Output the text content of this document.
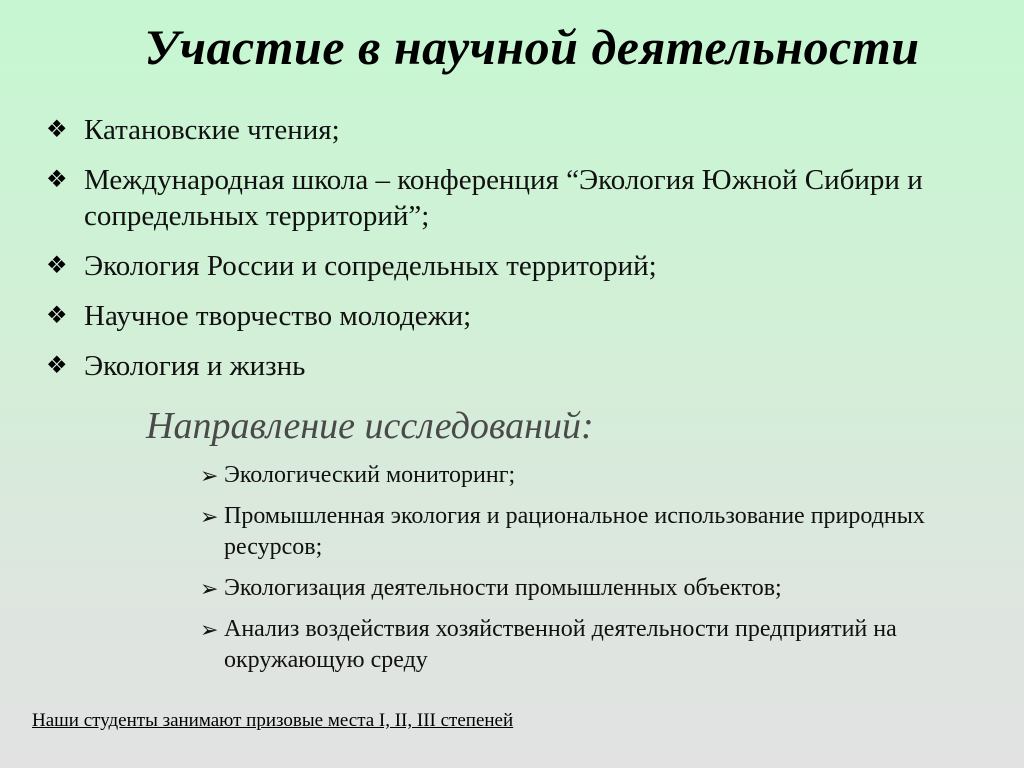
Участие в научной деятельности
❖ Катановские чтения;
❖ Международная школа – конференция “Экология Южной Сибири и сопредельных территорий”;
❖ Экология России и сопредельных территорий;
❖ Научное творчество молодежи;
❖ Экология и жизнь
Направление исследований:
➢ Экологический мониторинг;
➢ Промышленная экология и рациональное использование природных ресурсов;
➢ Экологизация деятельности промышленных объектов;
➢ Анализ воздействия хозяйственной деятельности предприятий на окружающую среду
Наши студенты занимают призовые места I, II, III степеней
